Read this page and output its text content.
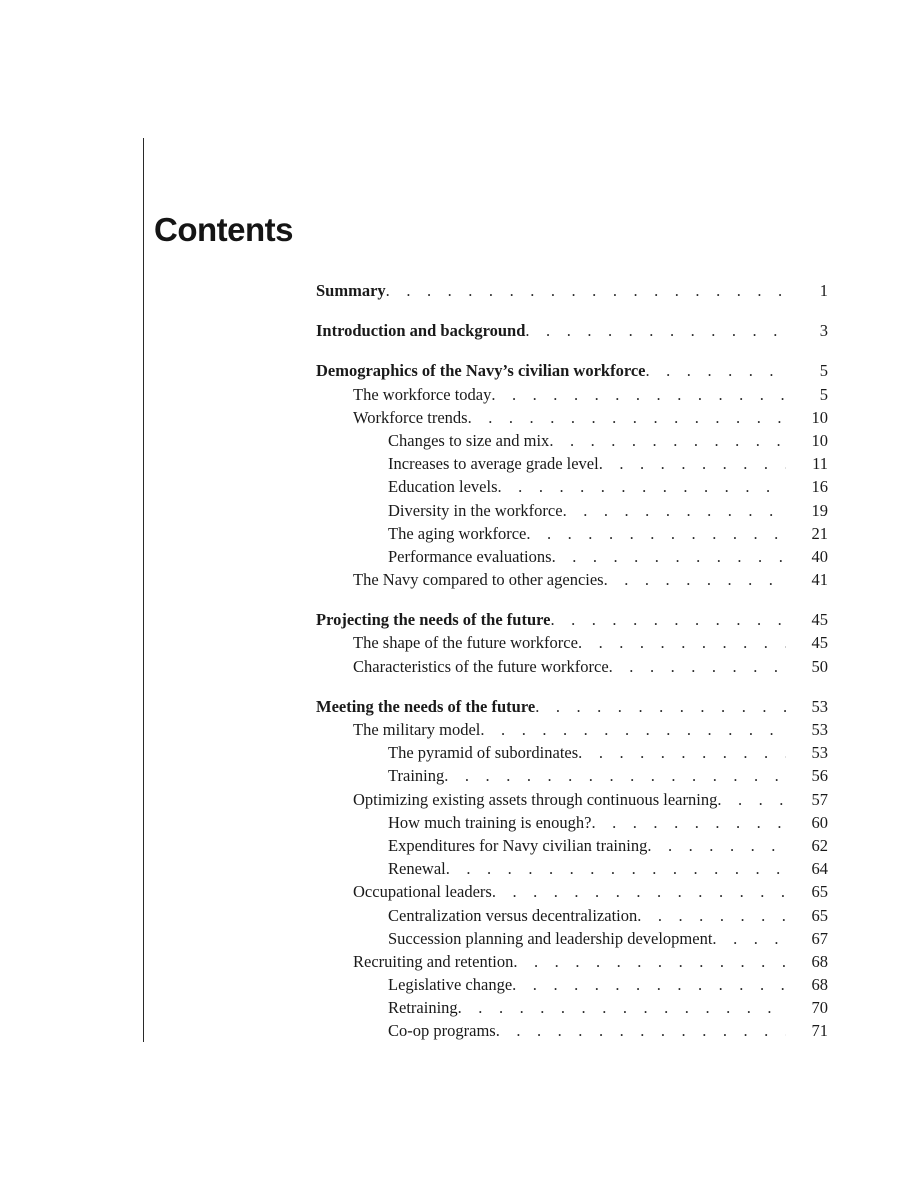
Contents
Summary . . .	1
Introduction and background . . .	3
Demographics of the Navy’s civilian workforce . . .	5
The workforce today . . .	5
Workforce trends . . .	10
Changes to size and mix . . .	10
Increases to average grade level . . .	11
Education levels . . .	16
Diversity in the workforce . . .	19
The aging workforce . . .	21
Performance evaluations . . .	40
The Navy compared to other agencies . . .	41
Projecting the needs of the future . . .	45
The shape of the future workforce . . .	45
Characteristics of the future workforce . . .	50
Meeting the needs of the future . . .	53
The military model . . .	53
The pyramid of subordinates . . .	53
Training . . .	56
Optimizing existing assets through continuous learning . . .	57
How much training is enough? . . .	60
Expenditures for Navy civilian training . . .	62
Renewal . . .	64
Occupational leaders . . .	65
Centralization versus decentralization . . .	65
Succession planning and leadership development . . .	67
Recruiting and retention . . .	68
Legislative change . . .	68
Retraining . . .	70
Co-op programs . . .	71
